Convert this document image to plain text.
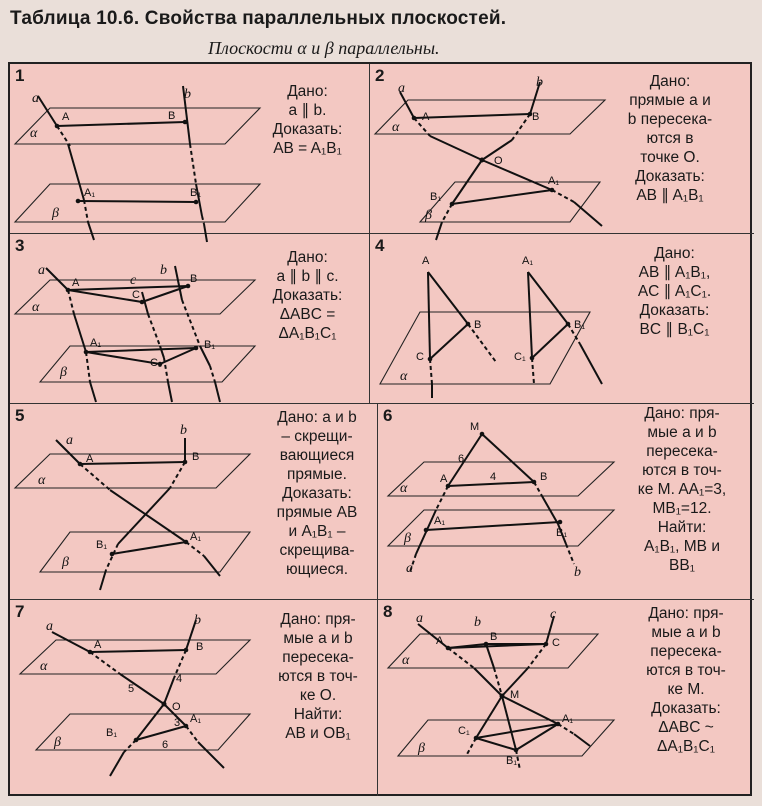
Таблица 10.6. Свойства параллельных плоскостей.
Плоскости α и β параллельны.
1
a	b
A	B
A₁	B₁
α
β
Дано:
a ∥ b.
Доказать:
AB = A₁B₁
2
a	b
A	B
O
B₁
A₁
α
β
Дано:
прямые a и
b пересека-
ются в
точке O.
Доказать:
AB ∥ A₁B₁
3
a	b
c
A	B
C
A₁	B₁
C₁
α
β
Дано:
a ∥ b ∥ c.
Доказать:
ΔABC =
ΔA₁B₁C₁
4
A
B
C
A₁
B₁
C₁
α
Дано:
AB ∥ A₁B₁,
AC ∥ A₁C₁.
Доказать:
BC ∥ B₁C₁
5
a
b
A	B
B₁
A₁
α
β
Дано: a и b
– скрещи-
вающиеся
прямые.
Доказать:
прямые AB
и A₁B₁ –
скрещива-
ющиеся.
6
M
A	B
A₁
B₁
6
4
a	b
α
β
Дано: пря-
мые a и b
пересека-
ются в точ-
ке M. AA₁=3,
MB₁=12.
Найти:
A₁B₁, MB и
BB₁
7
a	b
A	B
O
B₁
A₁
5
4
3
6
α
β
Дано: пря-
мые a и b
пересека-
ются в точ-
ке O.
Найти:
AB и OB₁
8 a	b
c
A	B	C
M
A₁
B₁
C₁
α
β
Дано: пря-
мые a и b
пересека-
ются в точ-
ке M.
Доказать:
ΔABC ~
ΔA₁B₁C₁
